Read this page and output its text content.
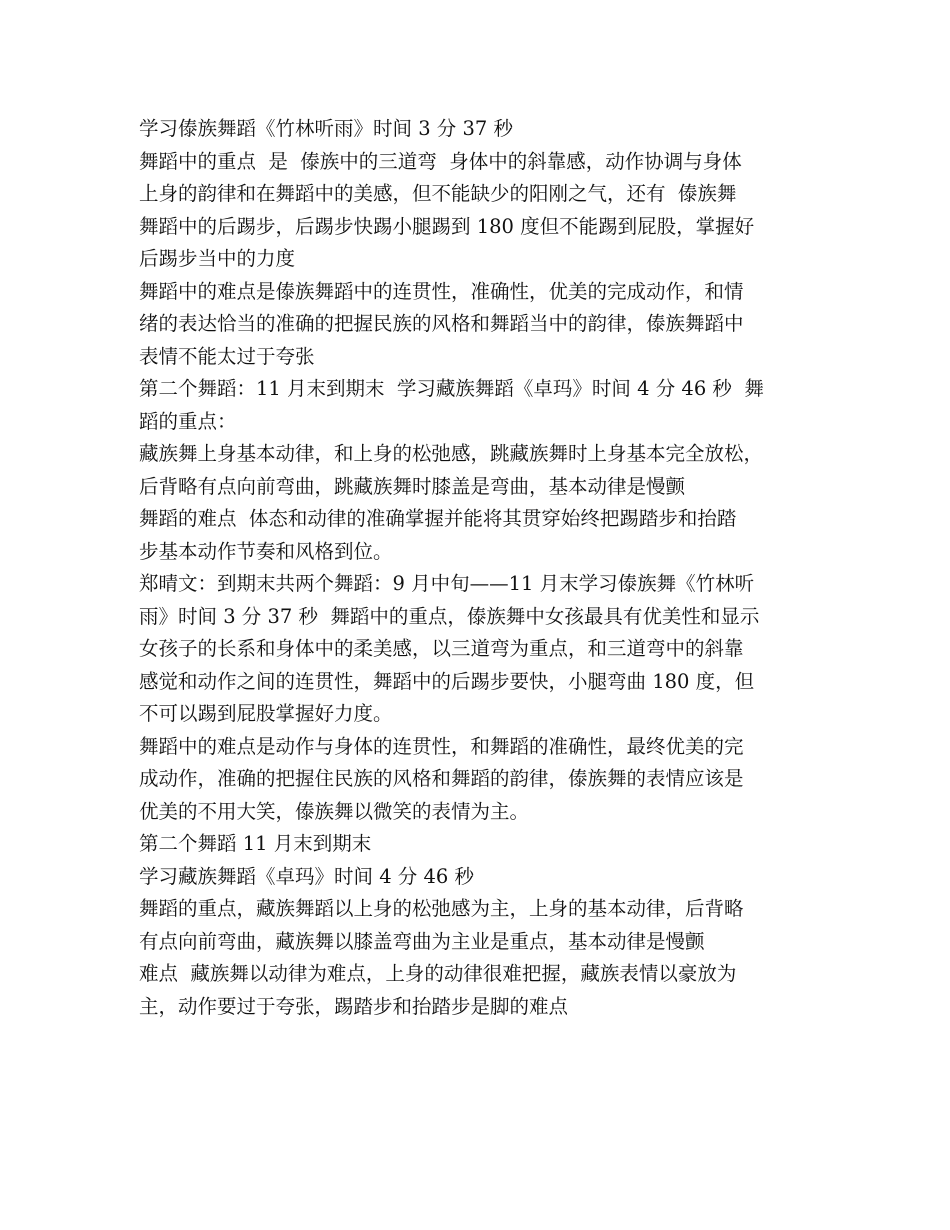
学习傣族舞蹈《竹林听雨》时间 3 分 37 秒
舞蹈中的重点  是  傣族中的三道弯  身体中的斜靠感，动作协调与身体
上身的韵律和在舞蹈中的美感，但不能缺少的阳刚之气，还有  傣族舞
舞蹈中的后踢步，后踢步快踢小腿踢到 180 度但不能踢到屁股，掌握好
后踢步当中的力度
舞蹈中的难点是傣族舞蹈中的连贯性，准确性，优美的完成动作，和情
绪的表达恰当的准确的把握民族的风格和舞蹈当中的韵律，傣族舞蹈中
表情不能太过于夸张
第二个舞蹈：11 月末到期末  学习藏族舞蹈《卓玛》时间 4 分 46 秒  舞
蹈的重点：
藏族舞上身基本动律，和上身的松弛感，跳藏族舞时上身基本完全放松，
后背略有点向前弯曲，跳藏族舞时膝盖是弯曲，基本动律是慢颤
舞蹈的难点  体态和动律的准确掌握并能将其贯穿始终把踢踏步和抬踏
步基本动作节奏和风格到位。
郑晴文：到期末共两个舞蹈：9 月中旬——11 月末学习傣族舞《竹林听
雨》时间 3 分 37 秒  舞蹈中的重点，傣族舞中女孩最具有优美性和显示
女孩子的长系和身体中的柔美感，以三道弯为重点，和三道弯中的斜靠
感觉和动作之间的连贯性，舞蹈中的后踢步要快，小腿弯曲 180 度，但
不可以踢到屁股掌握好力度。
舞蹈中的难点是动作与身体的连贯性，和舞蹈的准确性，最终优美的完
成动作，准确的把握住民族的风格和舞蹈的韵律，傣族舞的表情应该是
优美的不用大笑，傣族舞以微笑的表情为主。
第二个舞蹈 11 月末到期末
学习藏族舞蹈《卓玛》时间 4 分 46 秒
舞蹈的重点，藏族舞蹈以上身的松弛感为主，上身的基本动律，后背略
有点向前弯曲，藏族舞以膝盖弯曲为主业是重点，基本动律是慢颤
难点  藏族舞以动律为难点，上身的动律很难把握，藏族表情以豪放为
主，动作要过于夸张，踢踏步和抬踏步是脚的难点
